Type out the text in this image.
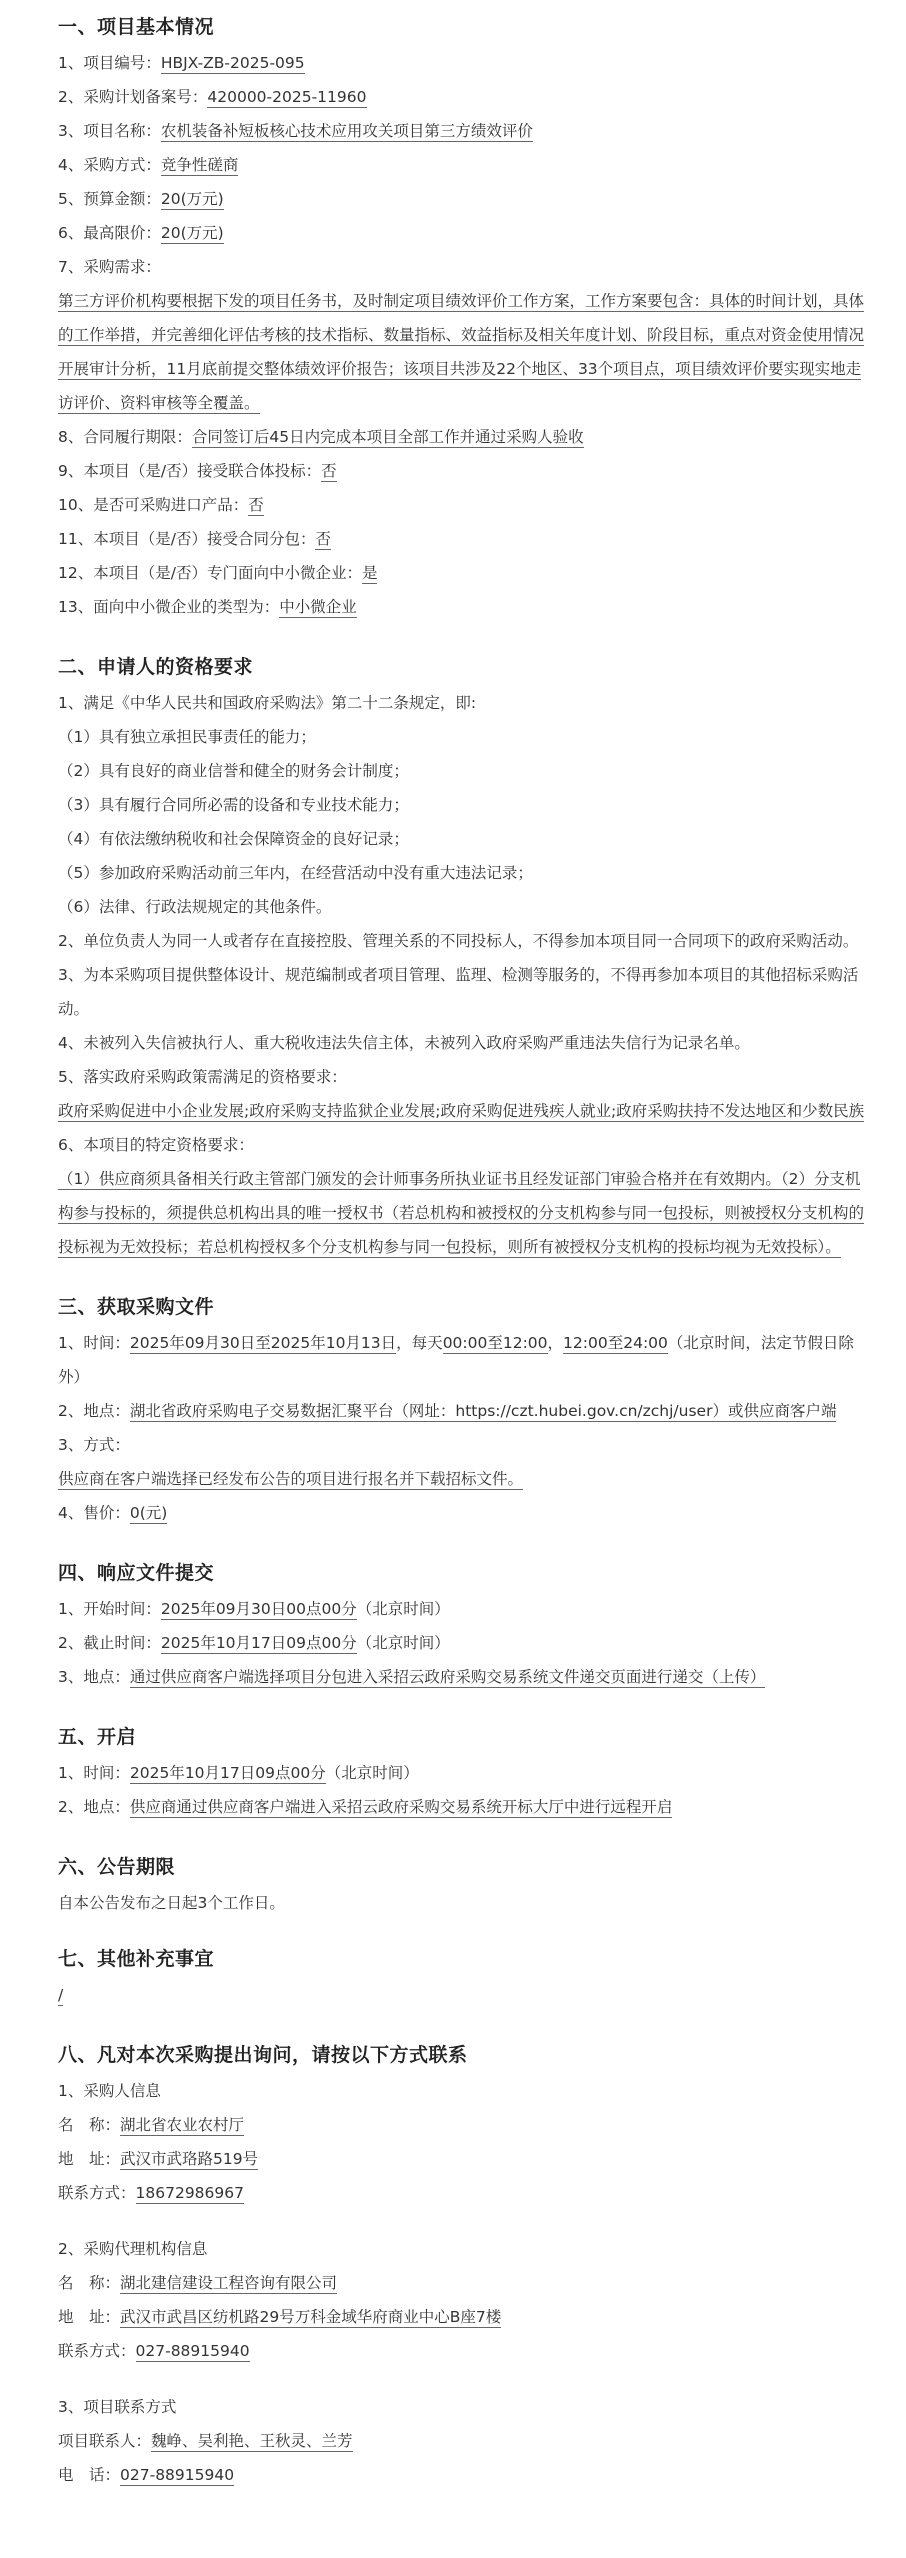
一、项目基本情况
1、项目编号：HBJX-ZB-2025-095
2、采购计划备案号：420000-2025-11960
3、项目名称：农机装备补短板核心技术应用攻关项目第三方绩效评价
4、采购方式：竞争性磋商
5、预算金额：20(万元)
6、最高限价：20(万元)
7、采购需求：
第三方评价机构要根据下发的项目任务书，及时制定项目绩效评价工作方案，工作方案要包含：具体的时间计划，具体的工作举措，并完善细化评估考核的技术指标、数量指标、效益指标及相关年度计划、阶段目标，重点对资金使用情况开展审计分析，11月底前提交整体绩效评价报告；该项目共涉及22个地区、33个项目点，项目绩效评价要实现实地走访评价、资料审核等全覆盖。
8、合同履行期限：合同签订后45日内完成本项目全部工作并通过采购人验收
9、本项目（是/否）接受联合体投标：否
10、是否可采购进口产品：否
11、本项目（是/否）接受合同分包：否
12、本项目（是/否）专门面向中小微企业：是
13、面向中小微企业的类型为：中小微企业
二、申请人的资格要求
1、满足《中华人民共和国政府采购法》第二十二条规定，即:
（1）具有独立承担民事责任的能力；
（2）具有良好的商业信誉和健全的财务会计制度；
（3）具有履行合同所必需的设备和专业技术能力；
（4）有依法缴纳税收和社会保障资金的良好记录；
（5）参加政府采购活动前三年内，在经营活动中没有重大违法记录；
（6）法律、行政法规规定的其他条件。
2、单位负责人为同一人或者存在直接控股、管理关系的不同投标人，不得参加本项目同一合同项下的政府采购活动。
3、为本采购项目提供整体设计、规范编制或者项目管理、监理、检测等服务的，不得再参加本项目的其他招标采购活动。
4、未被列入失信被执行人、重大税收违法失信主体，未被列入政府采购严重违法失信行为记录名单。
5、落实政府采购政策需满足的资格要求：
政府采购促进中小企业发展;政府采购支持监狱企业发展;政府采购促进残疾人就业;政府采购扶持不发达地区和少数民族
6、本项目的特定资格要求：
（1）供应商须具备相关行政主管部门颁发的会计师事务所执业证书且经发证部门审验合格并在有效期内。（2）分支机构参与投标的，须提供总机构出具的唯一授权书（若总机构和被授权的分支机构参与同一包投标，则被授权分支机构的投标视为无效投标；若总机构授权多个分支机构参与同一包投标，则所有被授权分支机构的投标均视为无效投标）。
三、获取采购文件
1、时间：2025年09月30日至2025年10月13日，每天00:00至12:00，12:00至24:00（北京时间，法定节假日除外）
2、地点：湖北省政府采购电子交易数据汇聚平台（网址：https://czt.hubei.gov.cn/zchj/user）或供应商客户端
3、方式：
供应商在客户端选择已经发布公告的项目进行报名并下载招标文件。
4、售价：0(元)
四、响应文件提交
1、开始时间：2025年09月30日00点00分（北京时间）
2、截止时间：2025年10月17日09点00分（北京时间）
3、地点：通过供应商客户端选择项目分包进入采招云政府采购交易系统文件递交页面进行递交（上传）
五、开启
1、时间：2025年10月17日09点00分（北京时间）
2、地点：供应商通过供应商客户端进入采招云政府采购交易系统开标大厅中进行远程开启
六、公告期限
自本公告发布之日起3个工作日。
七、其他补充事宜
/
八、凡对本次采购提出询问，请按以下方式联系
1、采购人信息
名　称：湖北省农业农村厅
地　址：武汉市武珞路519号
联系方式：18672986967
2、采购代理机构信息
名　称：湖北建信建设工程咨询有限公司
地　址：武汉市武昌区纺机路29号万科金域华府商业中心B座7楼
联系方式：027-88915940
3、项目联系方式
项目联系人：魏峥、吴利艳、王秋灵、兰芳
电　话：027-88915940
